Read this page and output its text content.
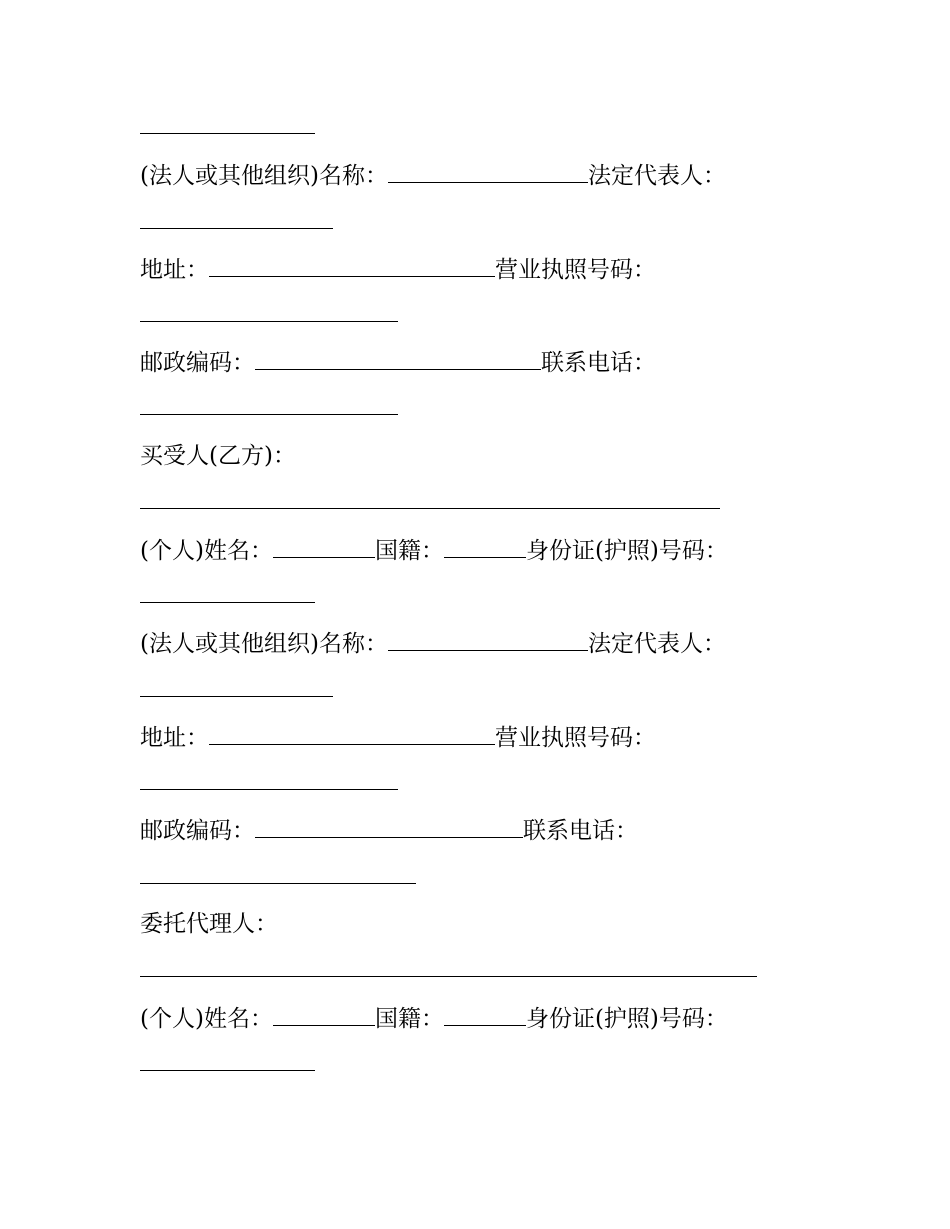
(法人或其他组织)名称：	法定代表人：
地址：	营业执照号码：
邮政编码：	联系电话：
买受人(乙方)：
(个人)姓名：	国籍：	身份证(护照)号码：
(法人或其他组织)名称：	法定代表人：
地址：	营业执照号码：
邮政编码：	联系电话：
委托代理人：
(个人)姓名：	国籍：	身份证(护照)号码：
